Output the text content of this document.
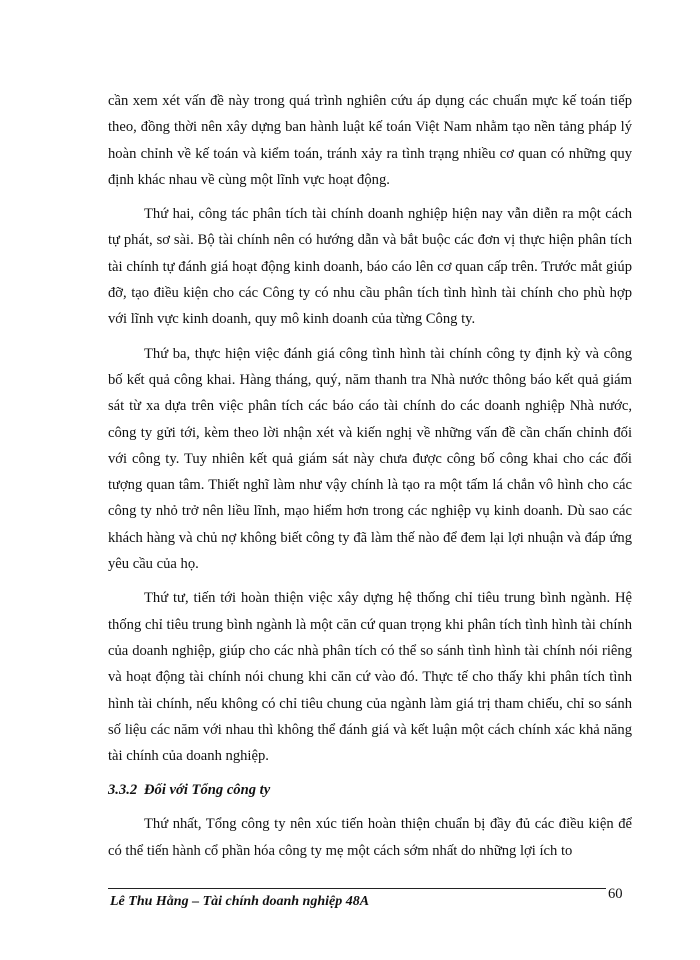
cần xem xét vấn đề này trong quá trình nghiên cứu áp dụng các chuẩn mực kế toán tiếp theo, đồng thời nên xây dựng ban hành luật kế toán Việt Nam nhằm tạo nền tảng pháp lý hoàn chỉnh về kế toán và kiểm toán, tránh xảy ra tình trạng nhiều cơ quan có những quy định khác nhau về cùng một lĩnh vực hoạt động.

Thứ hai, công tác phân tích tài chính doanh nghiệp hiện nay vẫn diễn ra một cách tự phát, sơ sài. Bộ tài chính nên có hướng dẫn và bắt buộc các đơn vị thực hiện phân tích tài chính tự đánh giá hoạt động kinh doanh, báo cáo lên cơ quan cấp trên. Trước mắt giúp đỡ, tạo điều kiện cho các Công ty có nhu cầu phân tích tình hình tài chính cho phù hợp với lĩnh vực kinh doanh, quy mô kinh doanh của từng Công ty.

Thứ ba, thực hiện việc đánh giá công tình hình tài chính công ty định kỳ và công bố kết quả công khai. Hàng tháng, quý, năm thanh tra Nhà nước thông báo kết quả giám sát từ xa dựa trên việc phân tích các báo cáo tài chính do các doanh nghiệp Nhà nước, công ty gửi tới, kèm theo lời nhận xét và kiến nghị về những vấn đề cần chấn chỉnh đối với công ty. Tuy nhiên kết quả giám sát này chưa được công bố công khai cho các đối tượng quan tâm. Thiết nghĩ làm như vậy chính là tạo ra một tấm lá chắn vô hình cho các công ty nhỏ trở nên liều lĩnh, mạo hiểm hơn trong các nghiệp vụ kinh doanh. Dù sao các khách hàng và chủ nợ không biết công ty đã làm thế nào để đem lại lợi nhuận và đáp ứng yêu cầu của họ.

Thứ tư, tiến tới hoàn thiện việc xây dựng hệ thống chỉ tiêu trung bình ngành. Hệ thống chỉ tiêu trung bình ngành là một căn cứ quan trọng khi phân tích tình hình tài chính của doanh nghiệp, giúp cho các nhà phân tích có thể so sánh tình hình tài chính nói riêng và hoạt động tài chính nói chung khi căn cứ vào đó. Thực tế cho thấy khi phân tích tình hình tài chính, nếu không có chỉ tiêu chung của ngành làm giá trị tham chiếu, chỉ so sánh số liệu các năm với nhau thì không thể đánh giá và kết luận một cách chính xác khả năng tài chính của doanh nghiệp.

3.3.2 Đối với Tổng công ty

Thứ nhất, Tổng công ty nên xúc tiến hoàn thiện chuẩn bị đầy đủ các điều kiện để có thể tiến hành cổ phần hóa công ty mẹ một cách sớm nhất do những lợi ích to

Lê Thu Hằng – Tài chính doanh nghiệp 48A	60
